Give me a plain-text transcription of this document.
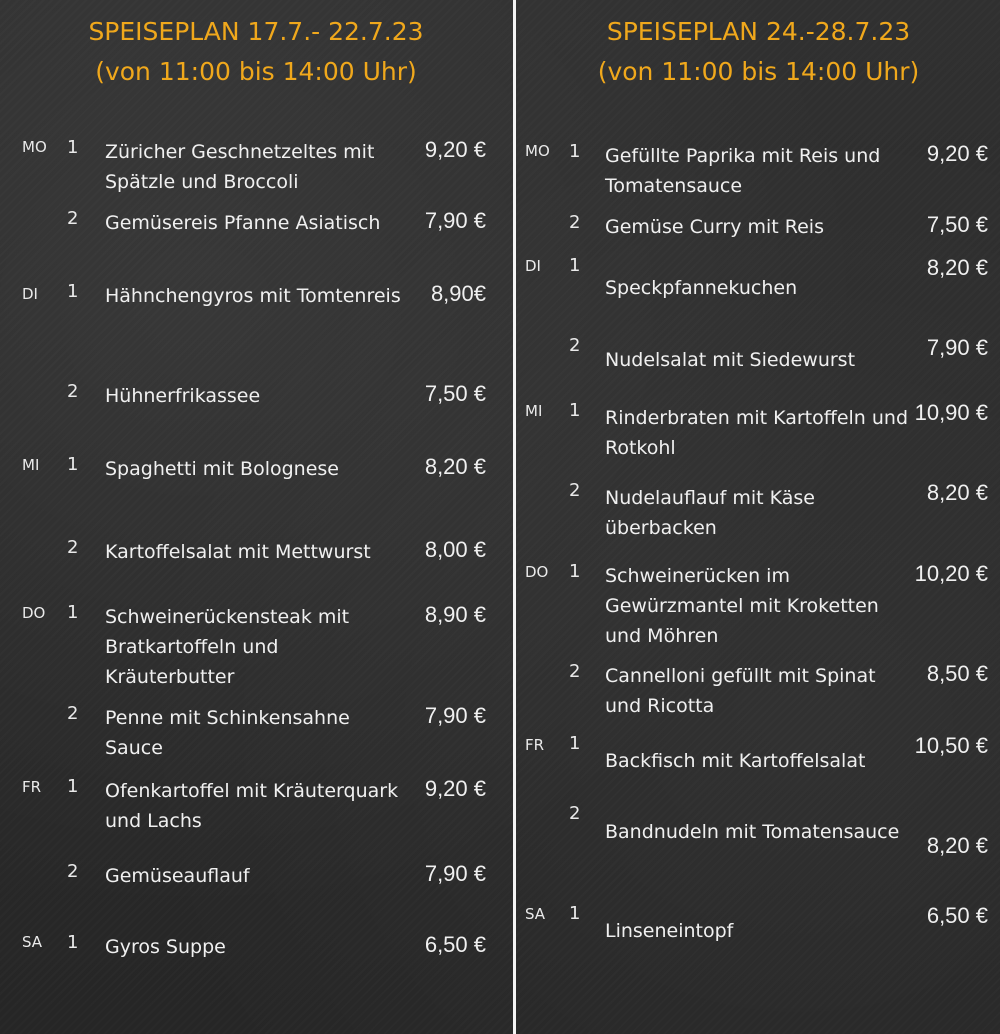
SPEISEPLAN 17.7.- 22.7.23
(von 11:00 bis 14:00 Uhr)
MO 1 Züricher Geschnetzeltes mit Spätzle und Broccoli
9,20 €
2 Gemüsereis Pfanne Asiatisch	7,90 €
DI 1 Hähnchengyros mit Tomtenreis	8,90€
2 Hühnerfrikassee	7,50 €
MI 1 Spaghetti mit Bolognese	8,20 €
2 Kartoffelsalat mit Mettwurst	8,00 €
DO 1 Schweinerückensteak mit Bratkartoffeln und Kräuterbutter
8,90 €
2 Penne mit Schinkensahne Sauce
7,90 €
FR 1 Ofenkartoffel mit Kräuterquark und Lachs
9,20 €
2 Gemüseauflauf	7,90 €
SA 1 Gyros Suppe	6,50 €
SPEISEPLAN 24.-28.7.23
(von 11:00 bis 14:00 Uhr)
MO 1 Gefüllte Paprika mit Reis und Tomatensauce
9,20 €
2 Gemüse Curry mit Reis	7,50 €
DI 1
Speckpfannekuchen
8,20 €
2
Nudelsalat mit Siedewurst	7,90 €
MI 1 Rinderbraten mit Kartoffeln und Rotkohl
10,90 €
2 Nudelauflauf mit Käse überbacken
8,20 €
DO 1 Schweinerücken im Gewürzmantel mit Kroketten und Möhren
10,20 €
2 Cannelloni gefüllt mit Spinat und Ricotta
8,50 €
FR 1
Backfisch mit Kartoffelsalat
10,50 €
2
Bandnudeln mit Tomatensauce
8,20 €
SA 1
Linseneintopf
6,50 €
